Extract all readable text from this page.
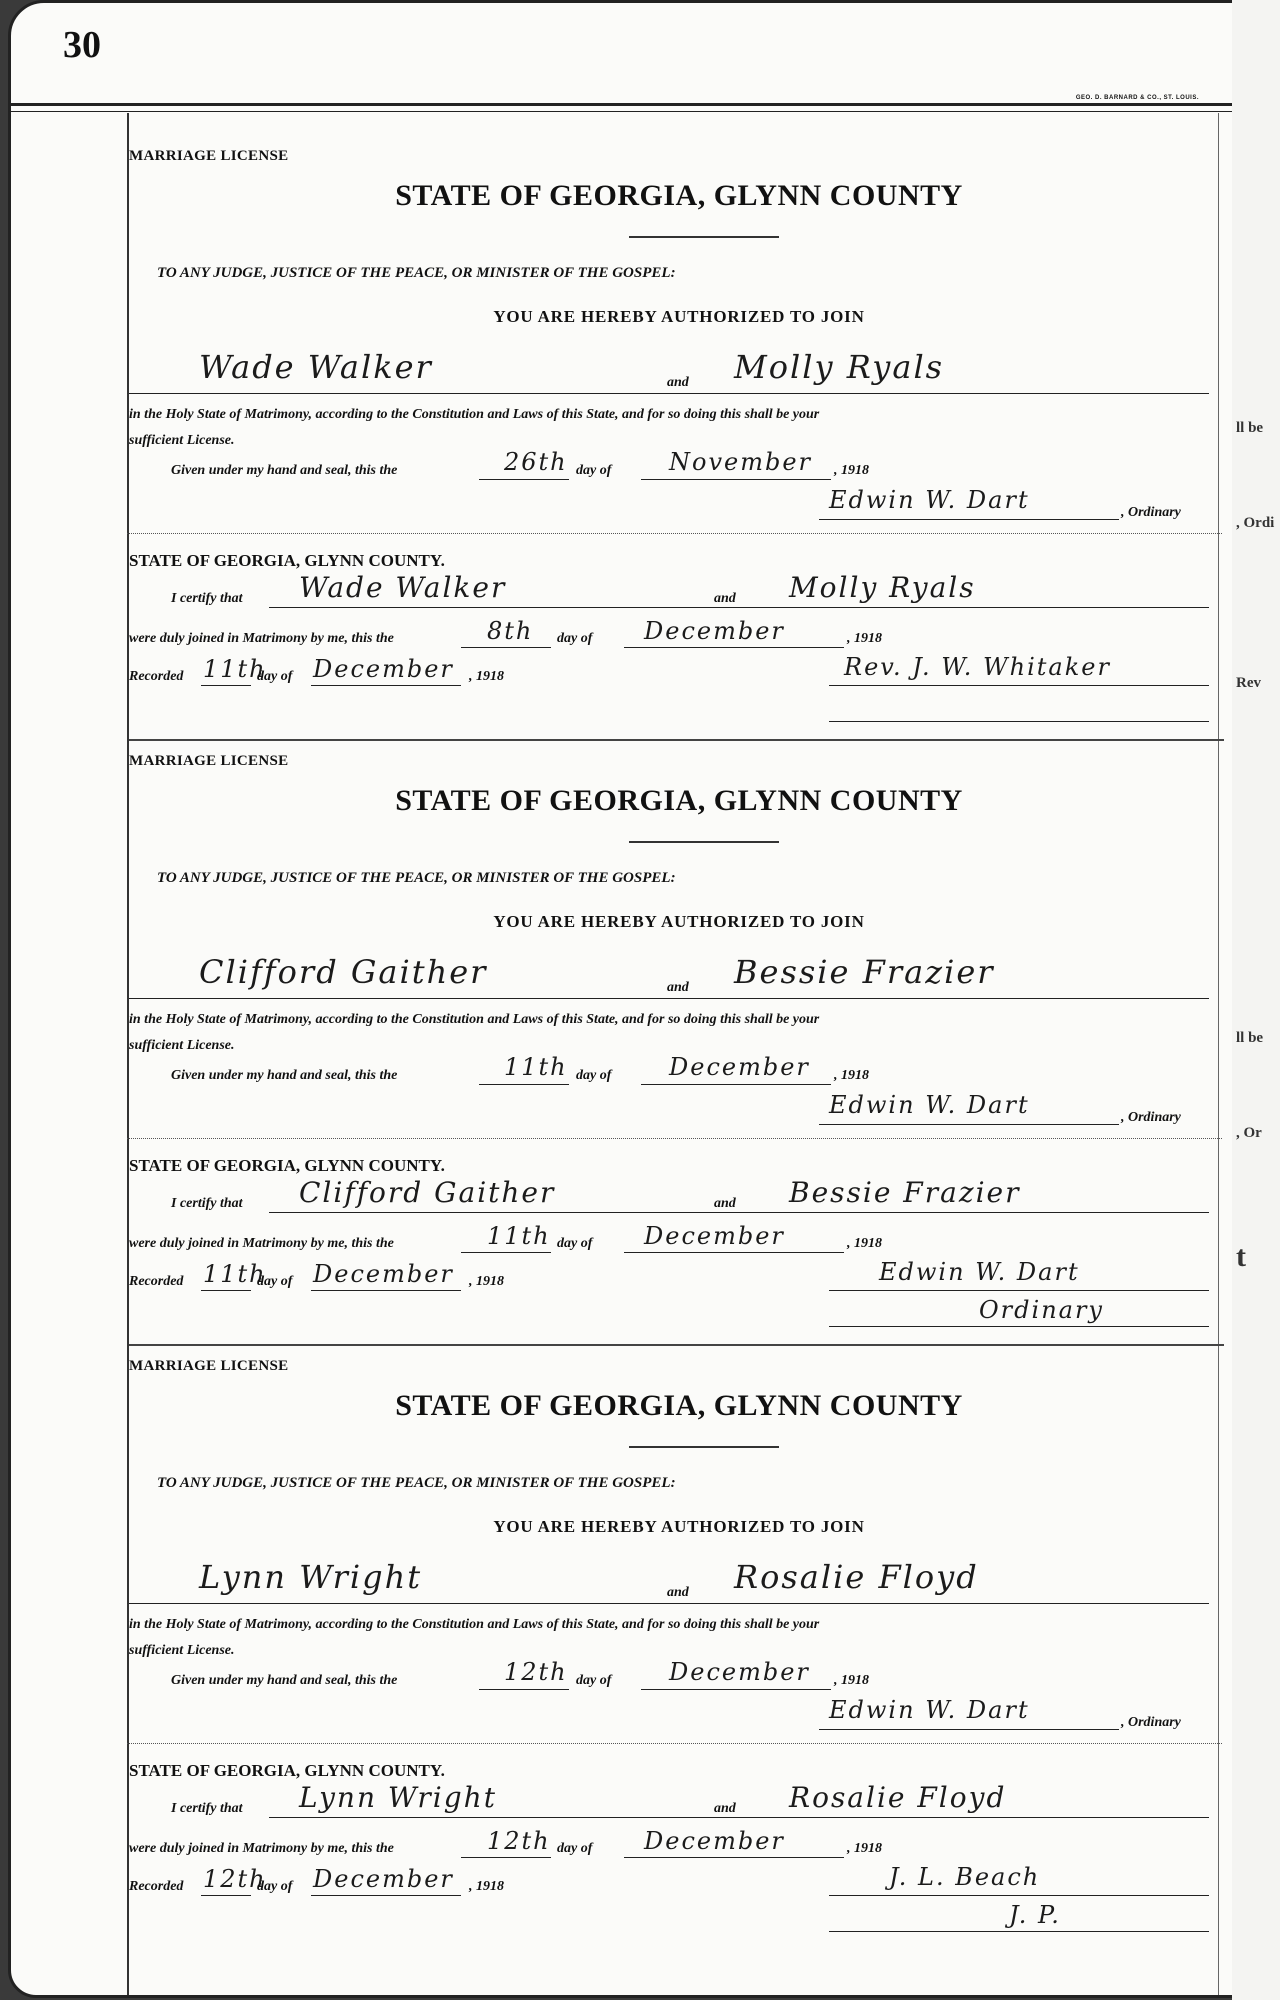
30
GEO. D. BARNARD & CO., ST. LOUIS.
MARRIAGE LICENSE
STATE OF GEORGIA, GLYNN COUNTY
TO ANY JUDGE, JUSTICE OF THE PEACE, OR MINISTER OF THE GOSPEL:
YOU ARE HEREBY AUTHORIZED TO JOIN
Wade Walker	and Molly Ryals
in the Holy State of Matrimony, according to the Constitution and Laws of this State, and for so doing this shall be your
sufficient License.
Given under my hand and seal, this the	26th day of November , 1918
Edwin W. Dart	, Ordinary
STATE OF GEORGIA, GLYNN COUNTY.
I certify that Wade Walker	and Molly Ryals
were duly joined in Matrimony by me, this the	8th day of December	, 1918
Recorded 11th
day of December , 1918	Rev. J. W. Whitaker
MARRIAGE LICENSE
STATE OF GEORGIA, GLYNN COUNTY
TO ANY JUDGE, JUSTICE OF THE PEACE, OR MINISTER OF THE GOSPEL:
YOU ARE HEREBY AUTHORIZED TO JOIN
Clifford Gaither	and Bessie Frazier
in the Holy State of Matrimony, according to the Constitution and Laws of this State, and for so doing this shall be your
sufficient License.
Given under my hand and seal, this the	11th day of December , 1918
Edwin W. Dart	, Ordinary
STATE OF GEORGIA, GLYNN COUNTY.
I certify that Clifford Gaither	and Bessie Frazier
were duly joined in Matrimony by me, this the	11th day of December	, 1918
Recorded 11th
day of December , 1918	Edwin W. Dart
Ordinary
MARRIAGE LICENSE
STATE OF GEORGIA, GLYNN COUNTY
TO ANY JUDGE, JUSTICE OF THE PEACE, OR MINISTER OF THE GOSPEL:
YOU ARE HEREBY AUTHORIZED TO JOIN
Lynn Wright	and Rosalie Floyd
in the Holy State of Matrimony, according to the Constitution and Laws of this State, and for so doing this shall be your
sufficient License.
Given under my hand and seal, this the	12th day of December , 1918
Edwin W. Dart	, Ordinary
STATE OF GEORGIA, GLYNN COUNTY.
I certify that Lynn Wright	and Rosalie Floyd
were duly joined in Matrimony by me, this the	12th day of December	, 1918
Recorded 12th
day of December , 1918	J. L. Beach
J. P.
ll be
, Ordi
Rev
ll be
, Or
t
